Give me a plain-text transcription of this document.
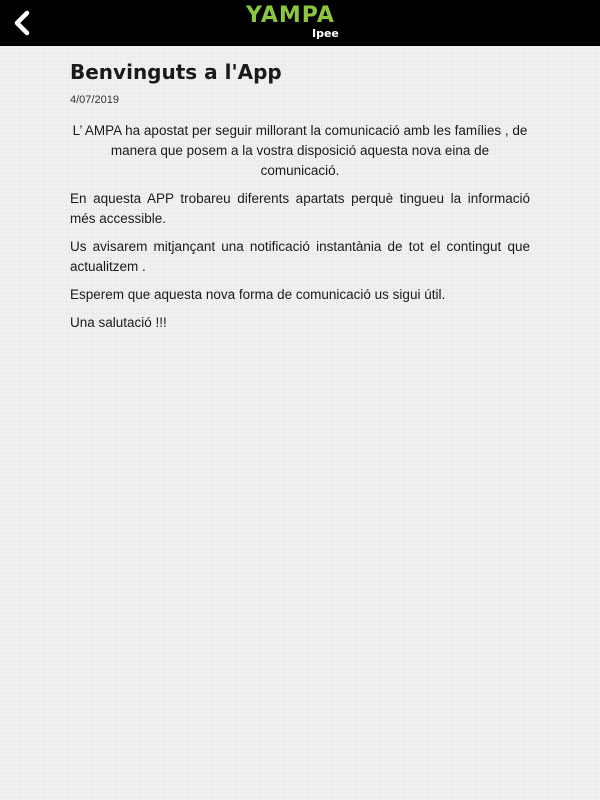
YAMPA
Ipee
Benvinguts a l'App
4/07/2019

L’ AMPA ha apostat per seguir millorant la comunicació amb les famílies , de manera que posem a la vostra disposició aquesta nova eina de comunicació.

En aquesta APP trobareu diferents apartats perquè tingueu la informació més accessible.

Us avisarem mitjançant una notificació instantània de tot el contingut que actualitzem .

Esperem que aquesta nova forma de comunicació us sigui útil.

Una salutació !!!
